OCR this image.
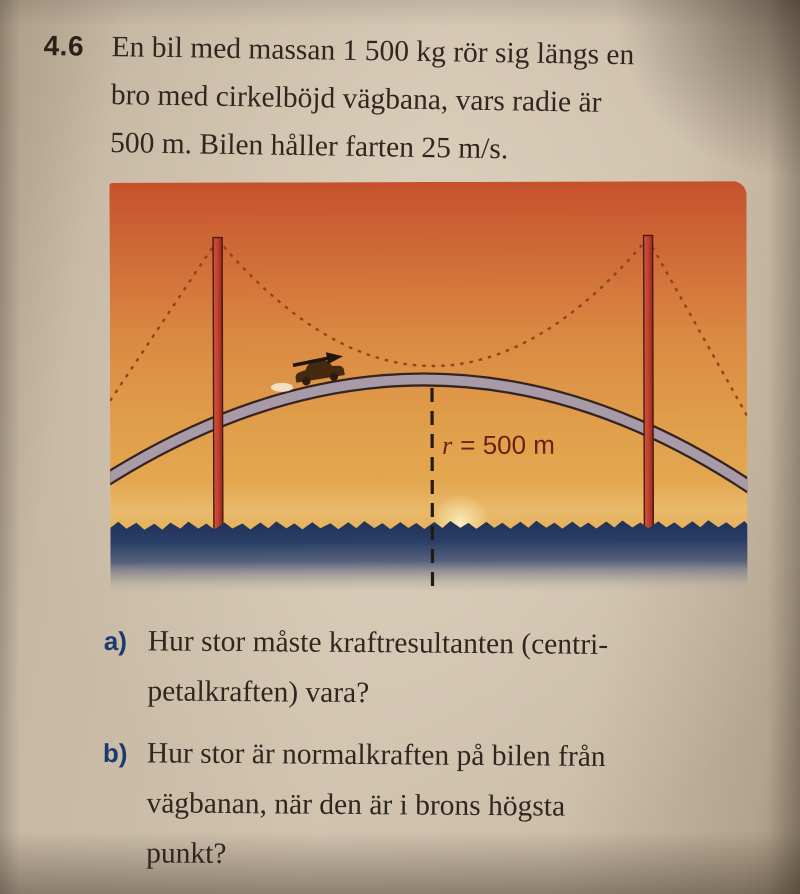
4.6 En bil med massan 1 500 kg rör sig längs en
bro med cirkelböjd vägbana, vars radie är
500 m. Bilen håller farten 25 m/s.
r = 500 m
a) Hur stor måste kraftresultanten (centri-
petalkraften) vara?
b) Hur stor är normalkraften på bilen från
vägbanan, när den är i brons högsta
punkt?
